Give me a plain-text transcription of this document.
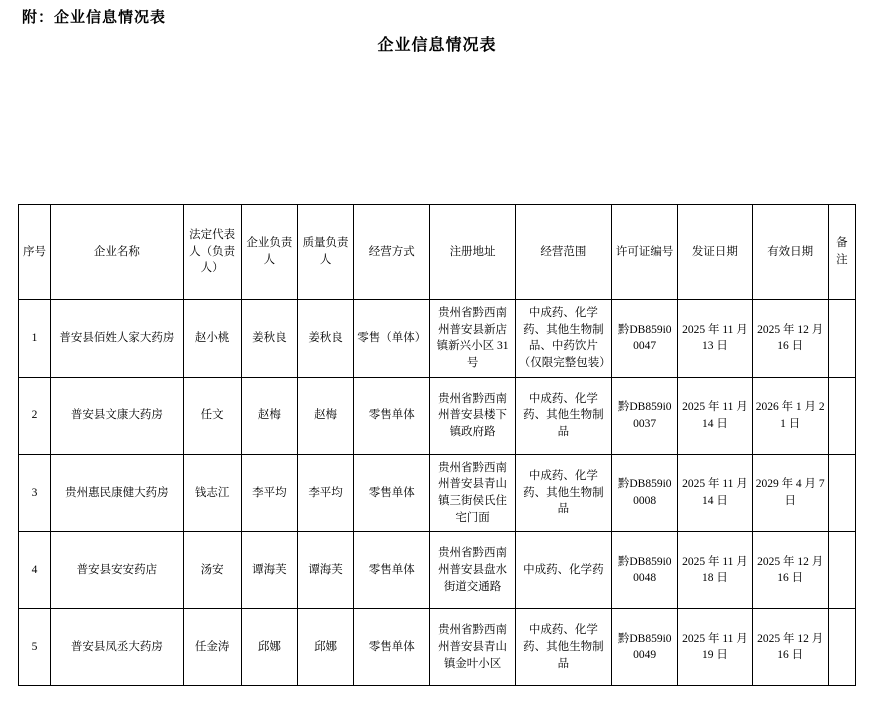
附：企业信息情况表
企业信息情况表
序号	企业名称	法定代表人（负责人）	企业负责人	质量负责人	经营方式	注册地址	经营范围	许可证编号	发证日期	有效日期	备注
1	普安县佰姓人家大药房	赵小桃	姜秋良	姜秋良	零售（单体）	贵州省黔西南州普安县新店镇新兴小区 31 号	中成药、化学药、其他生物制品、中药饮片（仅限完整包装）	黔DB859i00047	2025 年 11 月 13 日	2025 年 12 月 16 日	
2	普安县文康大药房	任文	赵梅	赵梅	零售单体	贵州省黔西南州普安县楼下镇政府路	中成药、化学药、其他生物制品	黔DB859i00037	2025 年 11 月 14 日	2026 年 1 月 21 日	
3	贵州惠民康健大药房	钱志江	李平均	李平均	零售单体	贵州省黔西南州普安县青山镇三街侯氏住宅门面	中成药、化学药、其他生物制品	黔DB859i00008	2025 年 11 月 14 日	2029 年 4 月 7 日	
4	普安县安安药店	汤安	谭海芙	谭海芙	零售单体	贵州省黔西南州普安县盘水街道交通路	中成药、化学药	黔DB859i00048	2025 年 11 月 18 日	2025 年 12 月 16 日	
5	普安县凤丞大药房	任金涛	邱娜	邱娜	零售单体	贵州省黔西南州普安县青山镇金叶小区	中成药、化学药、其他生物制品	黔DB859i00049	2025 年 11 月 19 日	2025 年 12 月 16 日	
